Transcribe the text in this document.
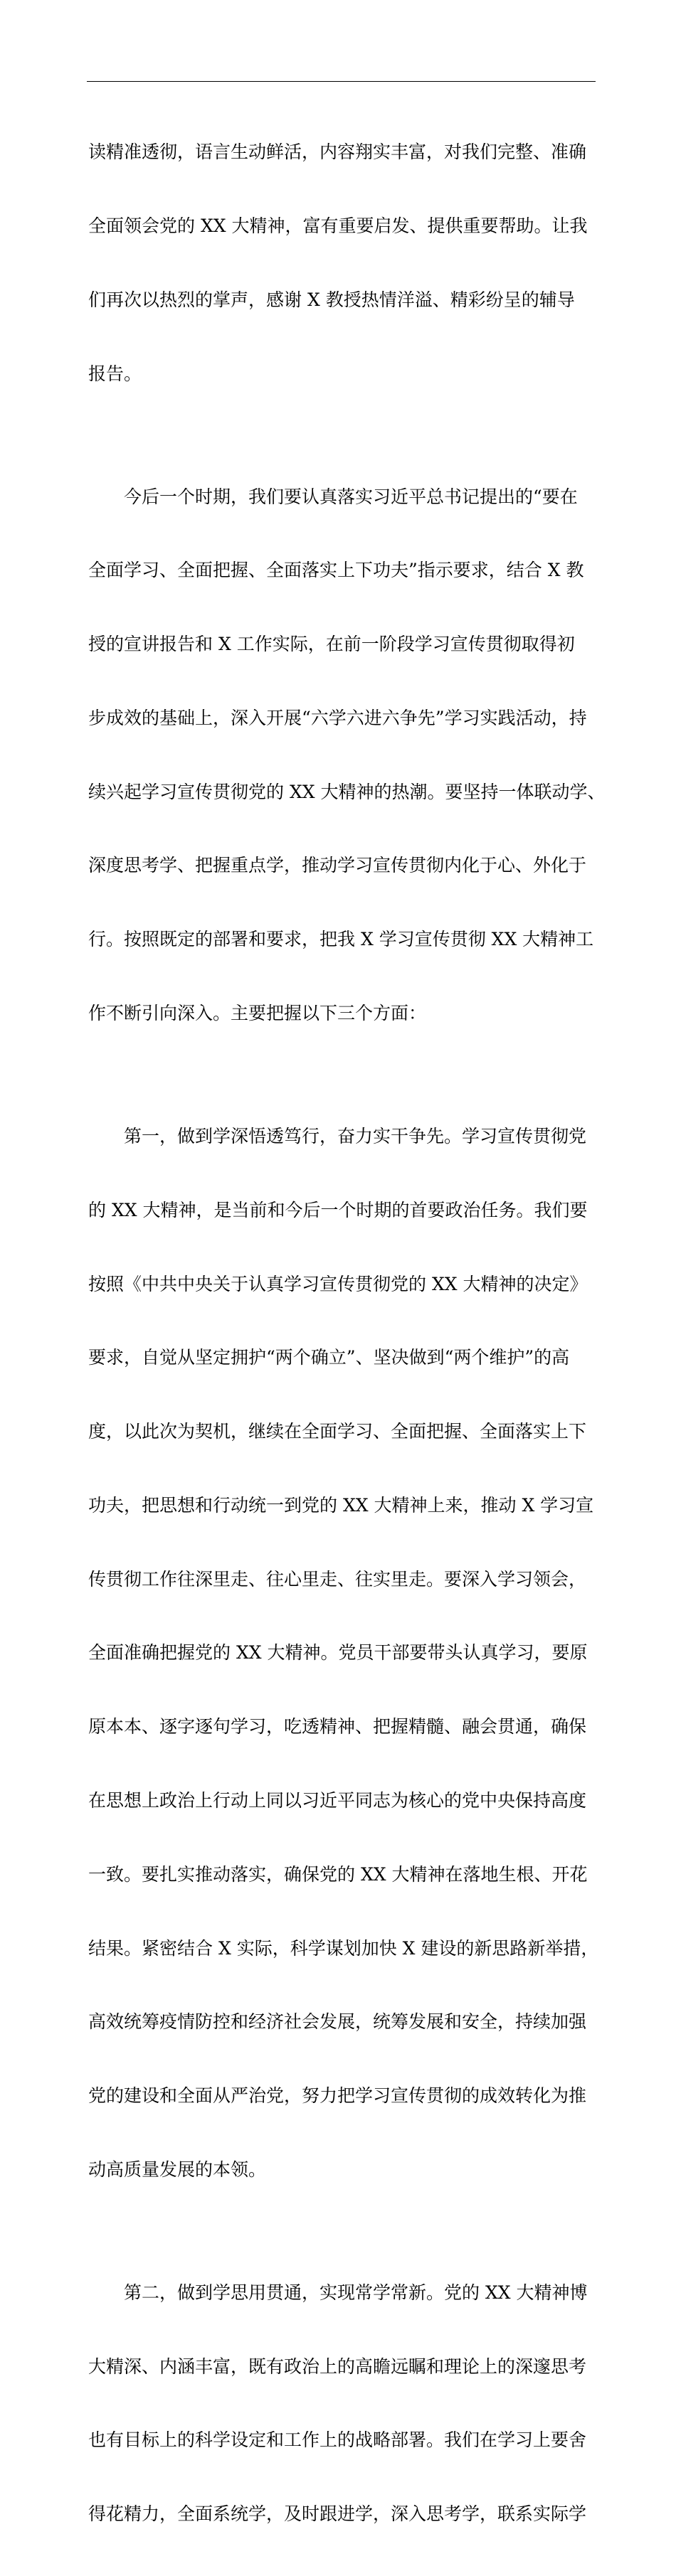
读精准透彻，语言生动鲜活，内容翔实丰富，对我们完整、准确

全面领会党的 XX 大精神，富有重要启发、提供重要帮助。让我

们再次以热烈的掌声，感谢 X 教授热情洋溢、精彩纷呈的辅导

报告。

　　今后一个时期，我们要认真落实习近平总书记提出的“要在

全面学习、全面把握、全面落实上下功夫”指示要求，结合 X 教

授的宣讲报告和 X 工作实际，在前一阶段学习宣传贯彻取得初

步成效的基础上，深入开展“六学六进六争先”学习实践活动，持

续兴起学习宣传贯彻党的 XX 大精神的热潮。要坚持一体联动学、

深度思考学、把握重点学，推动学习宣传贯彻内化于心、外化于

行。按照既定的部署和要求，把我 X 学习宣传贯彻 XX 大精神工

作不断引向深入。主要把握以下三个方面：

　　第一，做到学深悟透笃行，奋力实干争先。学习宣传贯彻党

的 XX 大精神，是当前和今后一个时期的首要政治任务。我们要

按照《中共中央关于认真学习宣传贯彻党的 XX 大精神的决定》

要求，自觉从坚定拥护“两个确立”、坚决做到“两个维护”的高

度，以此次为契机，继续在全面学习、全面把握、全面落实上下

功夫，把思想和行动统一到党的 XX 大精神上来，推动 X 学习宣

传贯彻工作往深里走、往心里走、往实里走。要深入学习领会，

全面准确把握党的 XX 大精神。党员干部要带头认真学习，要原

原本本、逐字逐句学习，吃透精神、把握精髓、融会贯通，确保

在思想上政治上行动上同以习近平同志为核心的党中央保持高度

一致。要扎实推动落实，确保党的 XX 大精神在落地生根、开花

结果。紧密结合 X 实际，科学谋划加快 X 建设的新思路新举措，

高效统筹疫情防控和经济社会发展，统筹发展和安全，持续加强

党的建设和全面从严治党，努力把学习宣传贯彻的成效转化为推

动高质量发展的本领。

　　第二，做到学思用贯通，实现常学常新。党的 XX 大精神博

大精深、内涵丰富，既有政治上的高瞻远瞩和理论上的深邃思考

也有目标上的科学设定和工作上的战略部署。我们在学习上要舍

得花精力，全面系统学，及时跟进学，深入思考学，联系实际学
